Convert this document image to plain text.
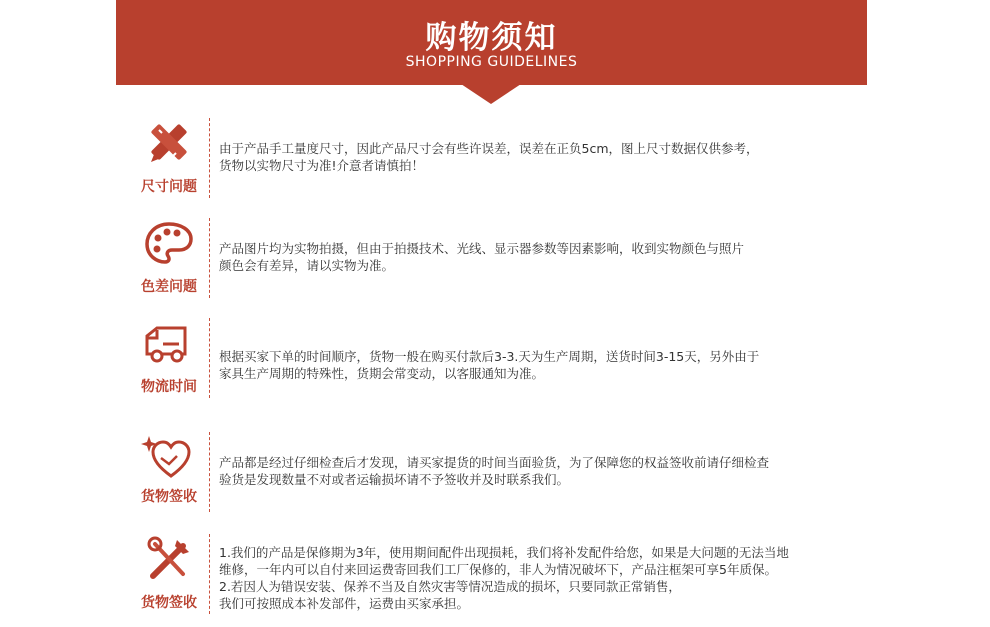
购物须知
SHOPPING GUIDELINES
尺寸问题

由于产品手工量度尺寸，因此产品尺寸会有些许误差，误差在正负5cm，图上尺寸数据仅供参考，

货物以实物尺寸为准!介意者请慎拍！

色差问题

产品图片均为实物拍摄，但由于拍摄技术、光线、显示器参数等因素影响，收到实物颜色与照片

颜色会有差异，请以实物为准。

物流时间

根据买家下单的时间顺序，货物一般在购买付款后3-3.天为生产周期，送货时间3-15天，另外由于

家具生产周期的特殊性，货期会常变动，以客服通知为准。

货物签收

产品都是经过仔细检查后才发现，请买家提货的时间当面验货，为了保障您的权益签收前请仔细检查

验货是发现数量不对或者运输损坏请不予签收并及时联系我们。

货物签收

1.我们的产品是保修期为3年，使用期间配件出现损耗，我们将补发配件给您，如果是大问题的无法当地

维修，一年内可以自付来回运费寄回我们工厂保修的，非人为情况破坏下，产品注框架可享5年质保。

2.若因人为错误安装、保养不当及自然灾害等情况造成的损坏，只要同款正常销售，

我们可按照成本补发部件，运费由买家承担。
